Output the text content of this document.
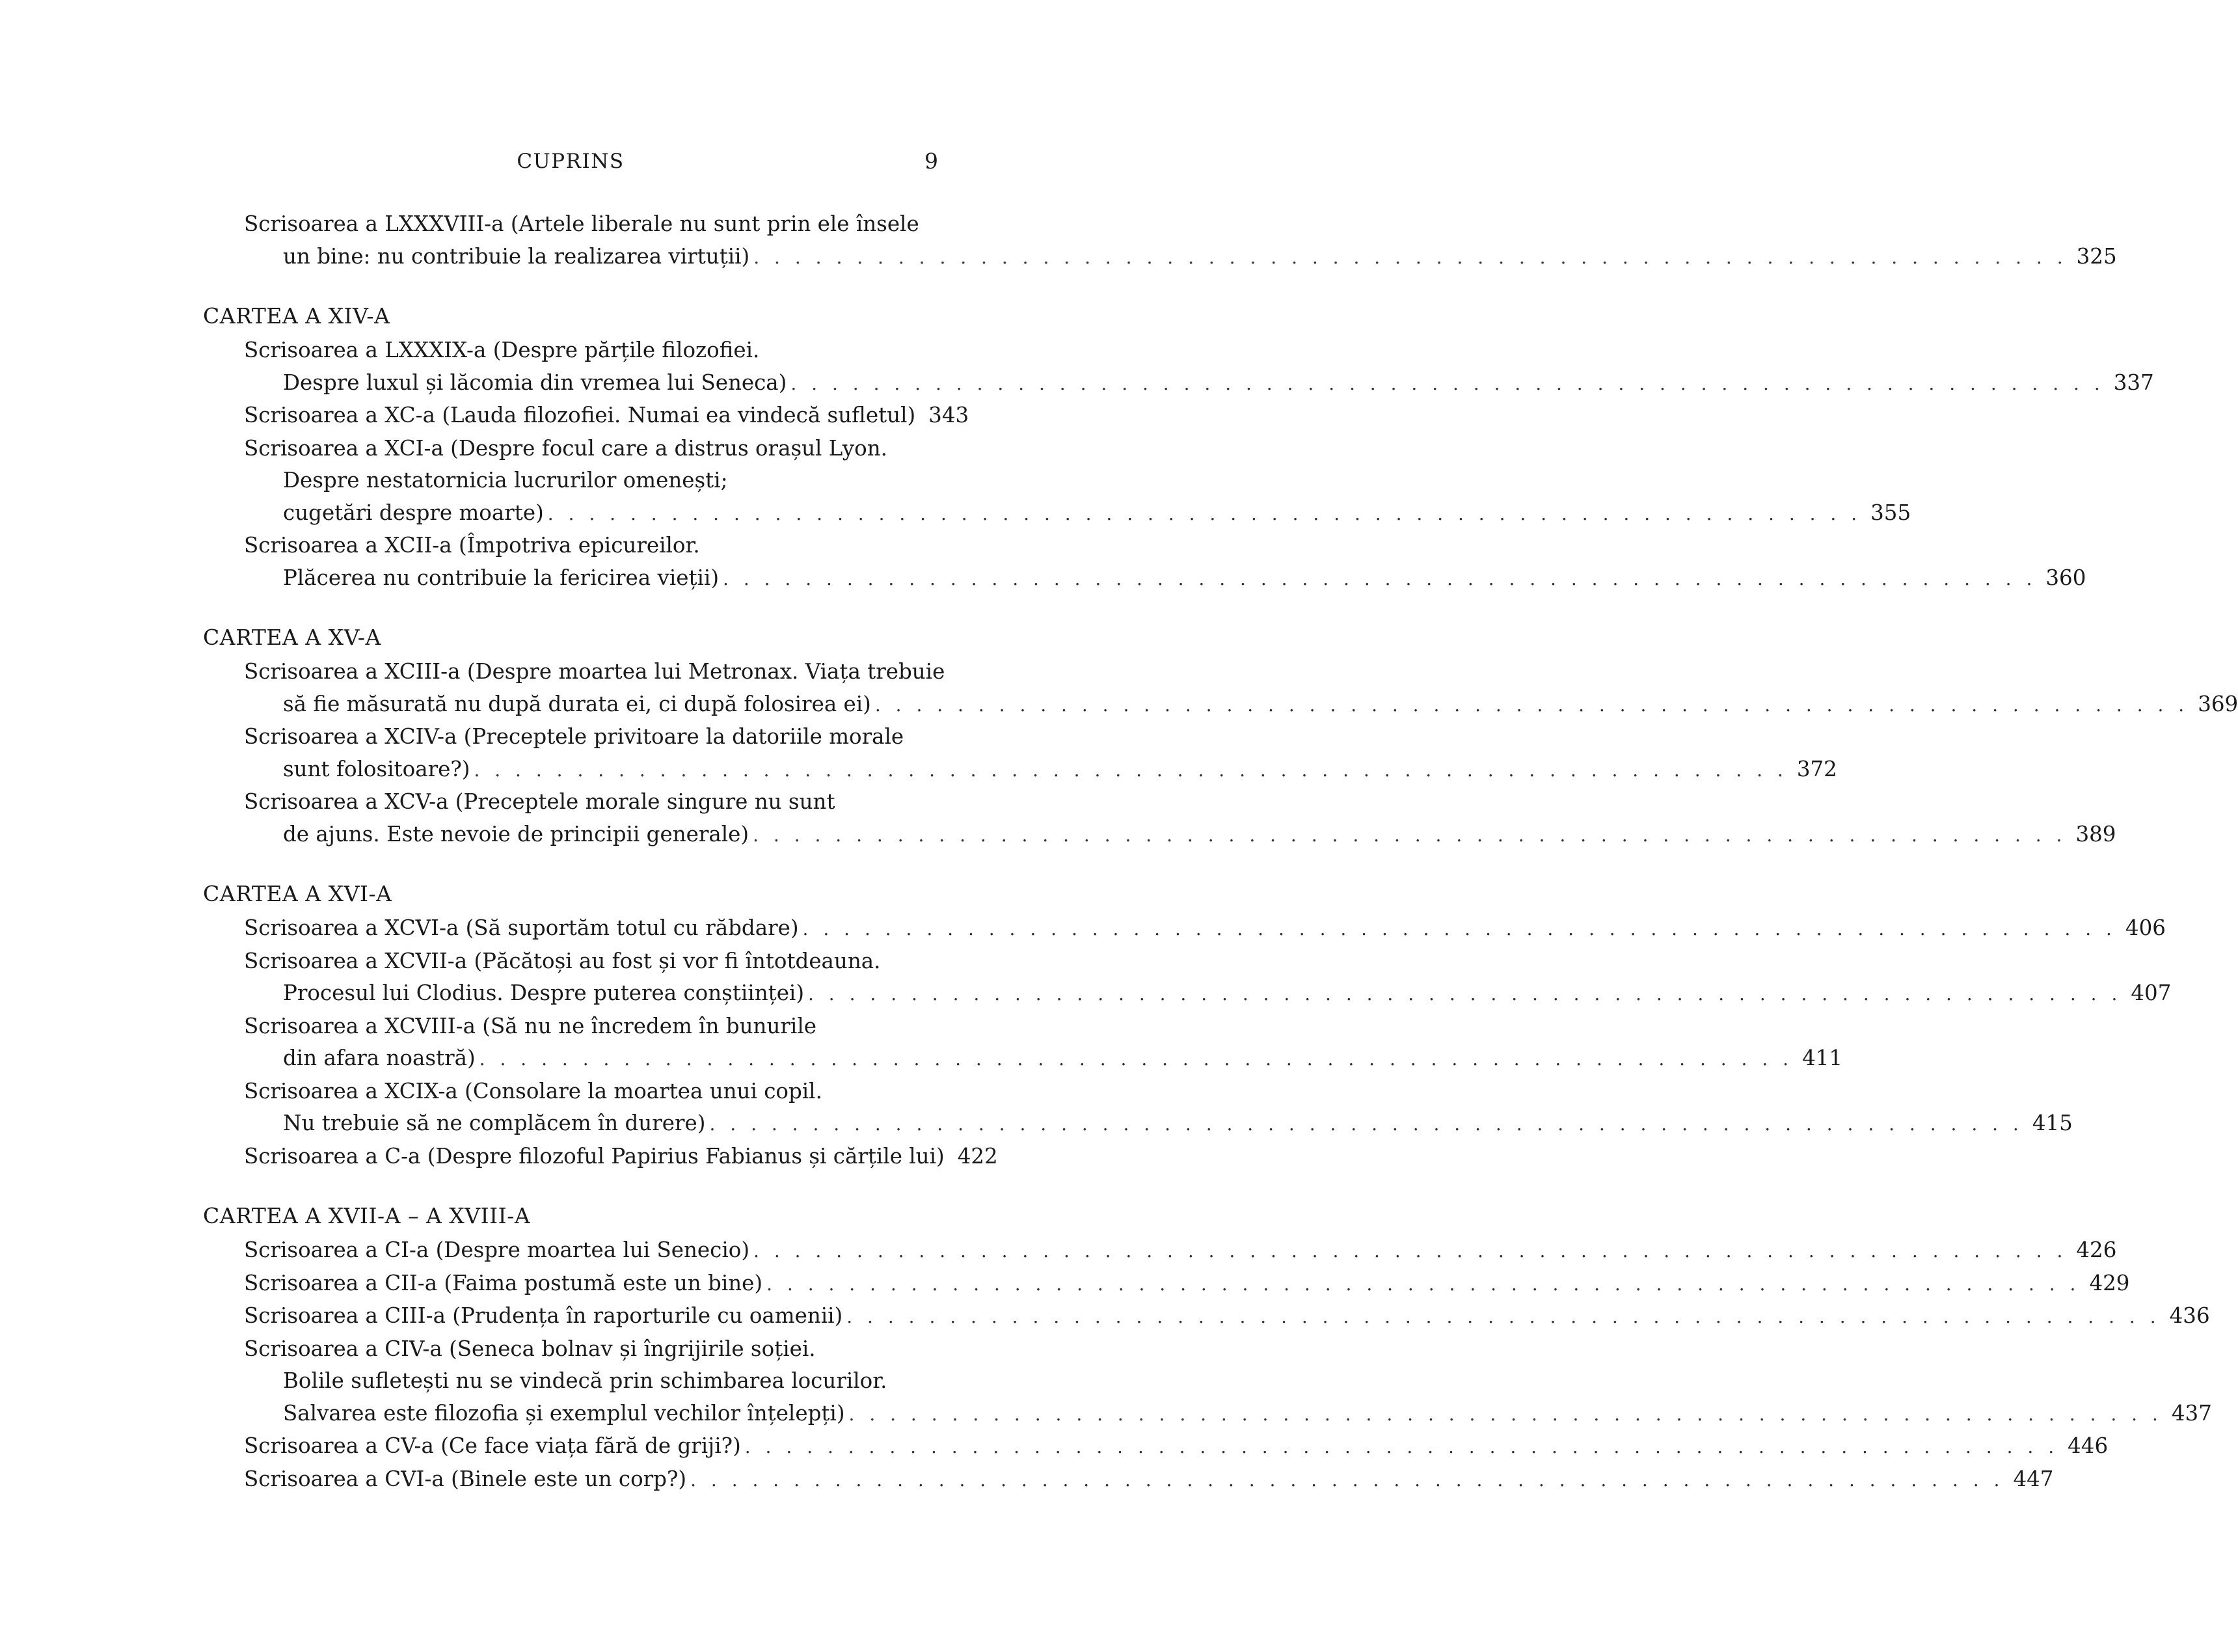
CUPRINS	9
Scrisoarea a LXXXVIII-a (Artele liberale nu sunt prin ele însele
un bine: nu contribuie la realizarea virtuții) . . . . . . . . . . . . . . . . . . . . . . . . . . . . . . . . . . . . . . . . . . . . . . . . . . . . . . . . . . . . . . . . 325
CARTEA A XIV-A
Scrisoarea a LXXXIX-a (Despre părțile filozofiei.
Despre luxul și lăcomia din vremea lui Seneca) . . . . . . . . . . . . . . . . . . . . . . . . . . . . . . . . . . . . . . . . . . . . . . . . . . . . . . . . . . . . . . . . 337
Scrisoarea a XC-a (Lauda filozofiei. Numai ea vindecă sufletul) 343
Scrisoarea a XCI-a (Despre focul care a distrus orașul Lyon.
Despre nestatornicia lucrurilor omenești;
cugetări despre moarte) . . . . . . . . . . . . . . . . . . . . . . . . . . . . . . . . . . . . . . . . . . . . . . . . . . . . . . . . . . . . . . . . 355
Scrisoarea a XCII-a (Împotriva epicureilor.
Plăcerea nu contribuie la fericirea vieții) . . . . . . . . . . . . . . . . . . . . . . . . . . . . . . . . . . . . . . . . . . . . . . . . . . . . . . . . . . . . . . . . 360
CARTEA A XV-A
Scrisoarea a XCIII-a (Despre moartea lui Metronax. Viața trebuie
să fie măsurată nu după durata ei, ci după folosirea ei) . . . . . . . . . . . . . . . . . . . . . . . . . . . . . . . . . . . . . . . . . . . . . . . . . . . . . . . . . . . . . . . . 369
Scrisoarea a XCIV-a (Preceptele privitoare la datoriile morale
sunt folositoare?) . . . . . . . . . . . . . . . . . . . . . . . . . . . . . . . . . . . . . . . . . . . . . . . . . . . . . . . . . . . . . . . . 372
Scrisoarea a XCV-a (Preceptele morale singure nu sunt
de ajuns. Este nevoie de principii generale) . . . . . . . . . . . . . . . . . . . . . . . . . . . . . . . . . . . . . . . . . . . . . . . . . . . . . . . . . . . . . . . . 389
CARTEA A XVI-A
Scrisoarea a XCVI-a (Să suportăm totul cu răbdare) . . . . . . . . . . . . . . . . . . . . . . . . . . . . . . . . . . . . . . . . . . . . . . . . . . . . . . . . . . . . . . . . 406
Scrisoarea a XCVII-a (Păcătoși au fost și vor fi întotdeauna.
Procesul lui Clodius. Despre puterea conștiinței) . . . . . . . . . . . . . . . . . . . . . . . . . . . . . . . . . . . . . . . . . . . . . . . . . . . . . . . . . . . . . . . . 407
Scrisoarea a XCVIII-a (Să nu ne încredem în bunurile
din afara noastră) . . . . . . . . . . . . . . . . . . . . . . . . . . . . . . . . . . . . . . . . . . . . . . . . . . . . . . . . . . . . . . . . 411
Scrisoarea a XCIX-a (Consolare la moartea unui copil.
Nu trebuie să ne complăcem în durere) . . . . . . . . . . . . . . . . . . . . . . . . . . . . . . . . . . . . . . . . . . . . . . . . . . . . . . . . . . . . . . . . 415
Scrisoarea a C-a (Despre filozoful Papirius Fabianus și cărțile lui) 422
CARTEA A XVII-A – A XVIII-A
Scrisoarea a CI-a (Despre moartea lui Senecio) . . . . . . . . . . . . . . . . . . . . . . . . . . . . . . . . . . . . . . . . . . . . . . . . . . . . . . . . . . . . . . . . 426
Scrisoarea a CII-a (Faima postumă este un bine) . . . . . . . . . . . . . . . . . . . . . . . . . . . . . . . . . . . . . . . . . . . . . . . . . . . . . . . . . . . . . . . . 429
Scrisoarea a CIII-a (Prudența în raporturile cu oamenii) . . . . . . . . . . . . . . . . . . . . . . . . . . . . . . . . . . . . . . . . . . . . . . . . . . . . . . . . . . . . . . . . 436
Scrisoarea a CIV-a (Seneca bolnav și îngrijirile soției.
Bolile sufletești nu se vindecă prin schimbarea locurilor.
Salvarea este filozofia și exemplul vechilor înțelepți) . . . . . . . . . . . . . . . . . . . . . . . . . . . . . . . . . . . . . . . . . . . . . . . . . . . . . . . . . . . . . . . . 437
Scrisoarea a CV-a (Ce face viața fără de griji?) . . . . . . . . . . . . . . . . . . . . . . . . . . . . . . . . . . . . . . . . . . . . . . . . . . . . . . . . . . . . . . . . 446
Scrisoarea a CVI-a (Binele este un corp?) . . . . . . . . . . . . . . . . . . . . . . . . . . . . . . . . . . . . . . . . . . . . . . . . . . . . . . . . . . . . . . . . 447
